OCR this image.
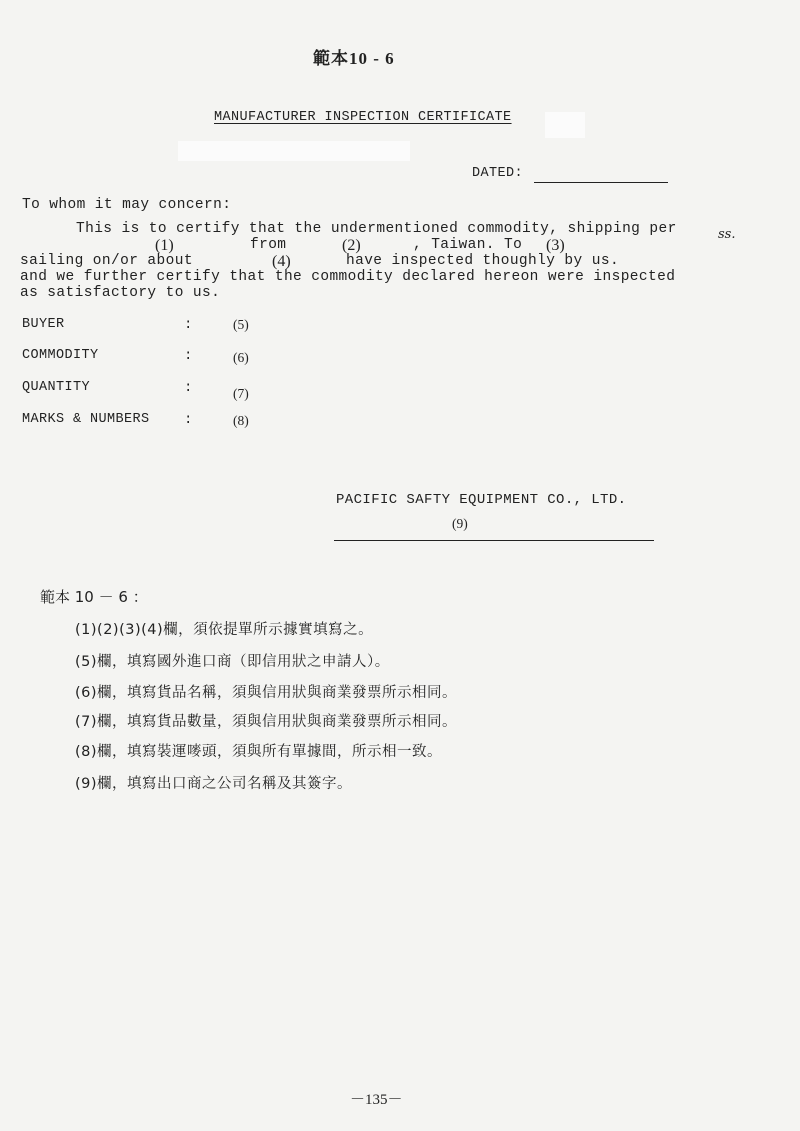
範本10 - 6
MANUFACTURER INSPECTION CERTIFICATE
DATED:
To whom it may concern:
This is to certify that the undermentioned commodity, shipping per	ss.
(1)	from	(2)	, Taiwan. To (3)
sailing on/or about	(4)	have inspected thoughly by us.
and we further certify that the commodity declared hereon were inspected
as satisfactory to us.
BUYER	:	(5)
COMMODITY	:	(6)
QUANTITY	:	(7)
MARKS & NUMBERS :	(8)
PACIFIC SAFTY EQUIPMENT CO., LTD.
(9)
範本 10 － 6 ：
(1)(2)(3)(4)欄，須依提單所示據實填寫之。
(5)欄，填寫國外進口商（即信用狀之申請人）。
(6)欄，填寫貨品名稱，須與信用狀與商業發票所示相同。
(7)欄，填寫貨品數量，須與信用狀與商業發票所示相同。
(8)欄，填寫裝運嘜頭，須與所有單據間，所示相一致。
(9)欄，填寫出口商之公司名稱及其簽字。
－135－
